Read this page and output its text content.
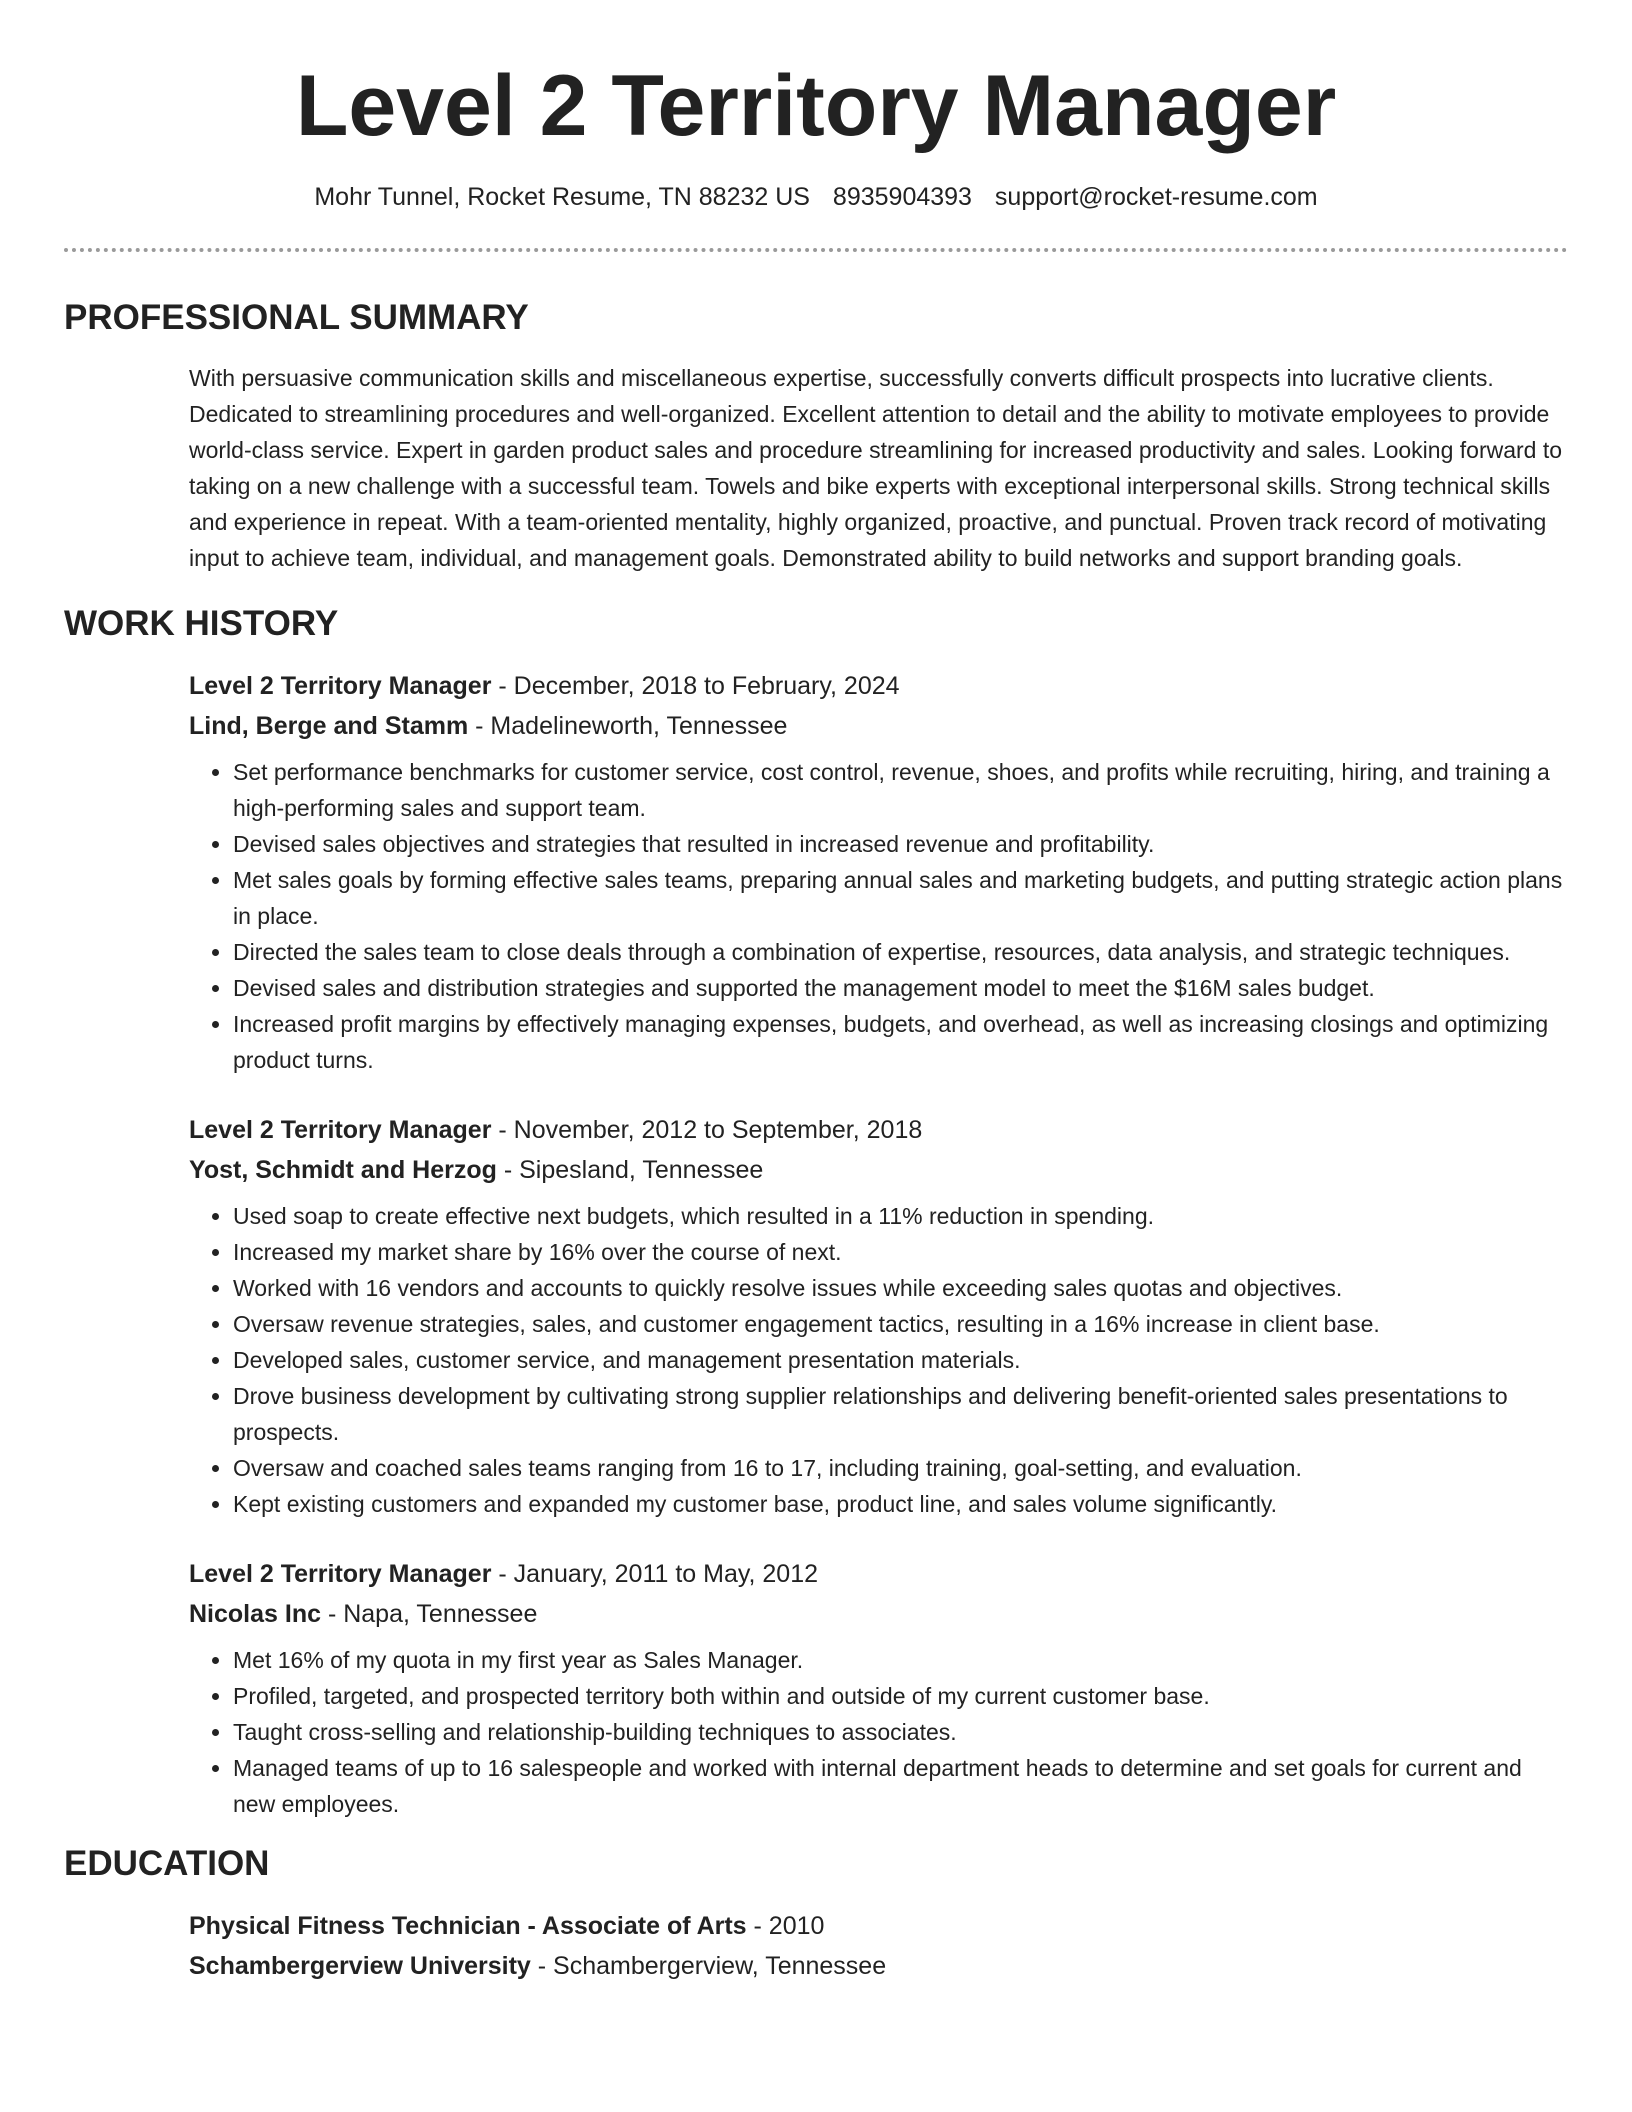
Level 2 Territory Manager
Mohr Tunnel, Rocket Resume, TN 88232 US 8935904393 support@rocket-resume.com
PROFESSIONAL SUMMARY

With persuasive communication skills and miscellaneous expertise, successfully converts difficult prospects into lucrative clients. Dedicated to streamlining procedures and well-organized. Excellent attention to detail and the ability to motivate employees to provide world-class service. Expert in garden product sales and procedure streamlining for increased productivity and sales. Looking forward to taking on a new challenge with a successful team. Towels and bike experts with exceptional interpersonal skills. Strong technical skills and experience in repeat. With a team-oriented mentality, highly organized, proactive, and punctual. Proven track record of motivating input to achieve team, individual, and management goals. Demonstrated ability to build networks and support branding goals.

WORK HISTORY
Level 2 Territory Manager - December, 2018 to February, 2024
Lind, Berge and Stamm - Madelineworth, Tennessee
• Set performance benchmarks for customer service, cost control, revenue, shoes, and profits while recruiting, hiring, and training a high-performing sales and support team.
• Devised sales objectives and strategies that resulted in increased revenue and profitability.
• Met sales goals by forming effective sales teams, preparing annual sales and marketing budgets, and putting strategic action plans in place.
• Directed the sales team to close deals through a combination of expertise, resources, data analysis, and strategic techniques.
• Devised sales and distribution strategies and supported the management model to meet the $16M sales budget.
• Increased profit margins by effectively managing expenses, budgets, and overhead, as well as increasing closings and optimizing product turns.
Level 2 Territory Manager - November, 2012 to September, 2018
Yost, Schmidt and Herzog - Sipesland, Tennessee
• Used soap to create effective next budgets, which resulted in a 11% reduction in spending.
• Increased my market share by 16% over the course of next.
• Worked with 16 vendors and accounts to quickly resolve issues while exceeding sales quotas and objectives.
• Oversaw revenue strategies, sales, and customer engagement tactics, resulting in a 16% increase in client base.
• Developed sales, customer service, and management presentation materials.
• Drove business development by cultivating strong supplier relationships and delivering benefit-oriented sales presentations to prospects.
• Oversaw and coached sales teams ranging from 16 to 17, including training, goal-setting, and evaluation.
• Kept existing customers and expanded my customer base, product line, and sales volume significantly.
Level 2 Territory Manager - January, 2011 to May, 2012
Nicolas Inc - Napa, Tennessee
• Met 16% of my quota in my first year as Sales Manager.
• Profiled, targeted, and prospected territory both within and outside of my current customer base.
• Taught cross-selling and relationship-building techniques to associates.
• Managed teams of up to 16 salespeople and worked with internal department heads to determine and set goals for current and new employees.
EDUCATION
Physical Fitness Technician - Associate of Arts - 2010
Schambergerview University - Schambergerview, Tennessee
